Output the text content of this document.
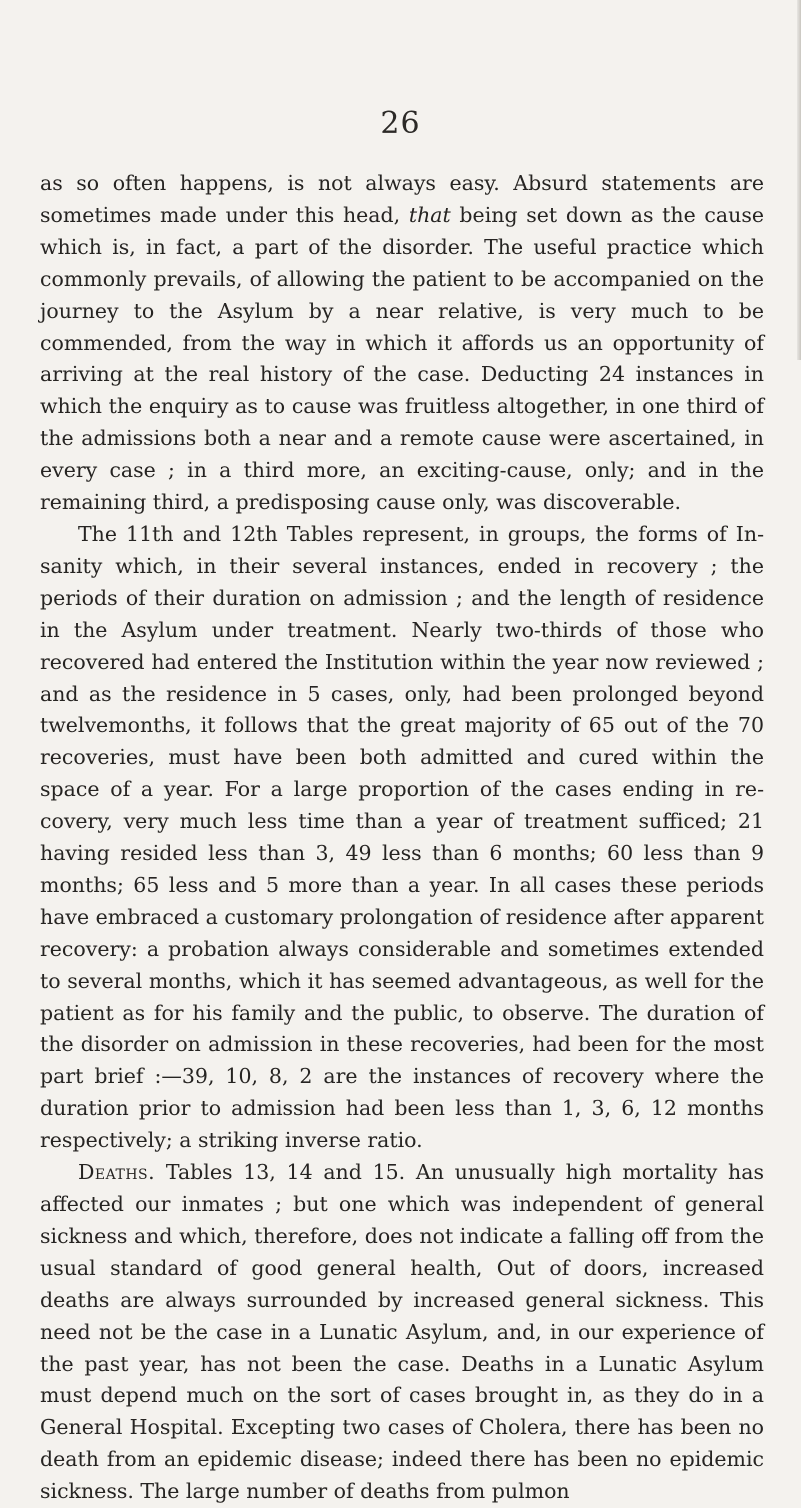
26

as so often happens, is not always easy. Absurd statements are sometimes made under this head, that being set down as the cause which is, in fact, a part of the disorder. The useful practice which commonly prevails, of allowing the patient to be accompanied on the journey to the Asylum by a near relative, is very much to be commended, from the way in which it affords us an opportunity of arriving at the real history of the case. Deducting 24 instances in which the enquiry as to cause was fruitless altogether, in one third of the admissions both a near and a remote cause were ascertained, in every case ; in a third more, an exciting-cause, only; and in the remaining third, a predisposing cause only, was discoverable.

The 11th and 12th Tables represent, in groups, the forms of Insanity which, in their several instances, ended in recovery ; the periods of their duration on admission ; and the length of residence in the Asylum under treatment. Nearly two-thirds of those who recovered had entered the Institution within the year now reviewed ; and as the residence in 5 cases, only, had been prolonged beyond twelvemonths, it follows that the great majority of 65 out of the 70 recoveries, must have been both admitted and cured within the space of a year. For a large proportion of the cases ending in recovery, very much less time than a year of treatment sufficed; 21 having resided less than 3, 49 less than 6 months; 60 less than 9 months; 65 less and 5 more than a year. In all cases these periods have embraced a customary prolongation of residence after apparent recovery: a probation always considerable and sometimes extended to several months, which it has seemed advantageous, as well for the patient as for his family and the public, to observe. The duration of the disorder on admission in these recoveries, had been for the most part brief :—39, 10, 8, 2 are the instances of recovery where the duration prior to admission had been less than 1, 3, 6, 12 months respectively; a striking inverse ratio.

Deaths. Tables 13, 14 and 15. An unusually high mortality has affected our inmates ; but one which was independent of general sickness and which, therefore, does not indicate a falling off from the usual standard of good general health, Out of doors, increased deaths are always surrounded by increased general sickness. This need not be the case in a Lunatic Asylum, and, in our experience of the past year, has not been the case. Deaths in a Lunatic Asylum must depend much on the sort of cases brought in, as they do in a General Hospital. Excepting two cases of Cholera, there has been no death from an epidemic disease; indeed there has been no epidemic sickness. The large number of deaths from pulmon
